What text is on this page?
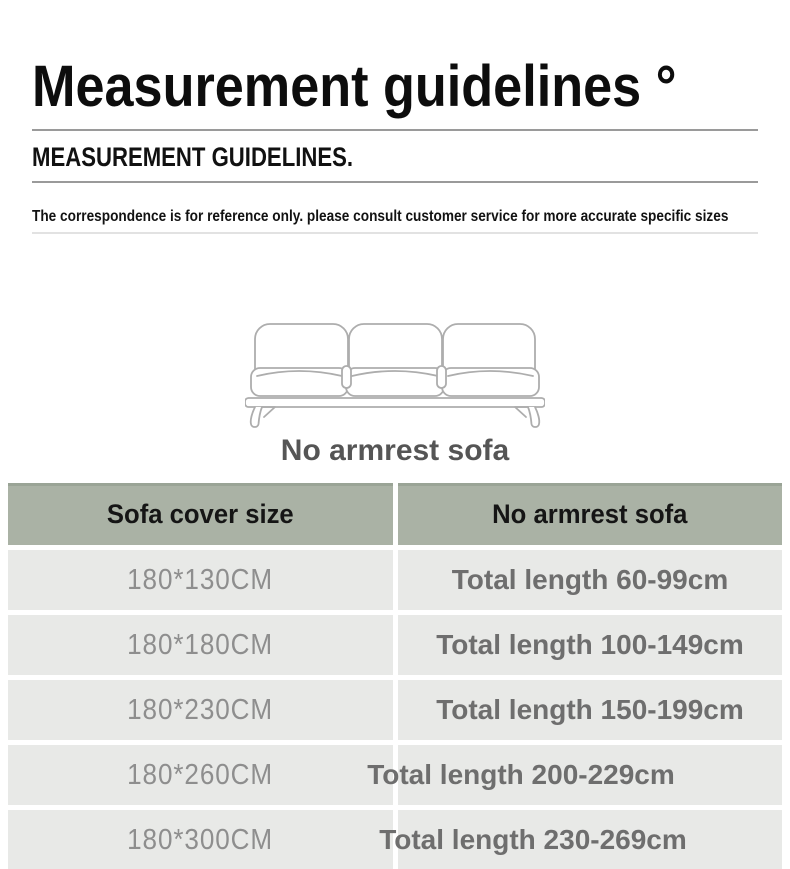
Measurement guidelines °
MEASUREMENT GUIDELINES.
The correspondence is for reference only. please consult customer service for more accurate specific sizes
No armrest sofa
Sofa cover size	No armrest sofa
180*130CM	Total length 60-99cm
180*180CM	Total length 100-149cm
180*230CM	Total length 150-199cm
180*260CM	Total length 200-229cm
180*300CM	Total length 230-269cm
